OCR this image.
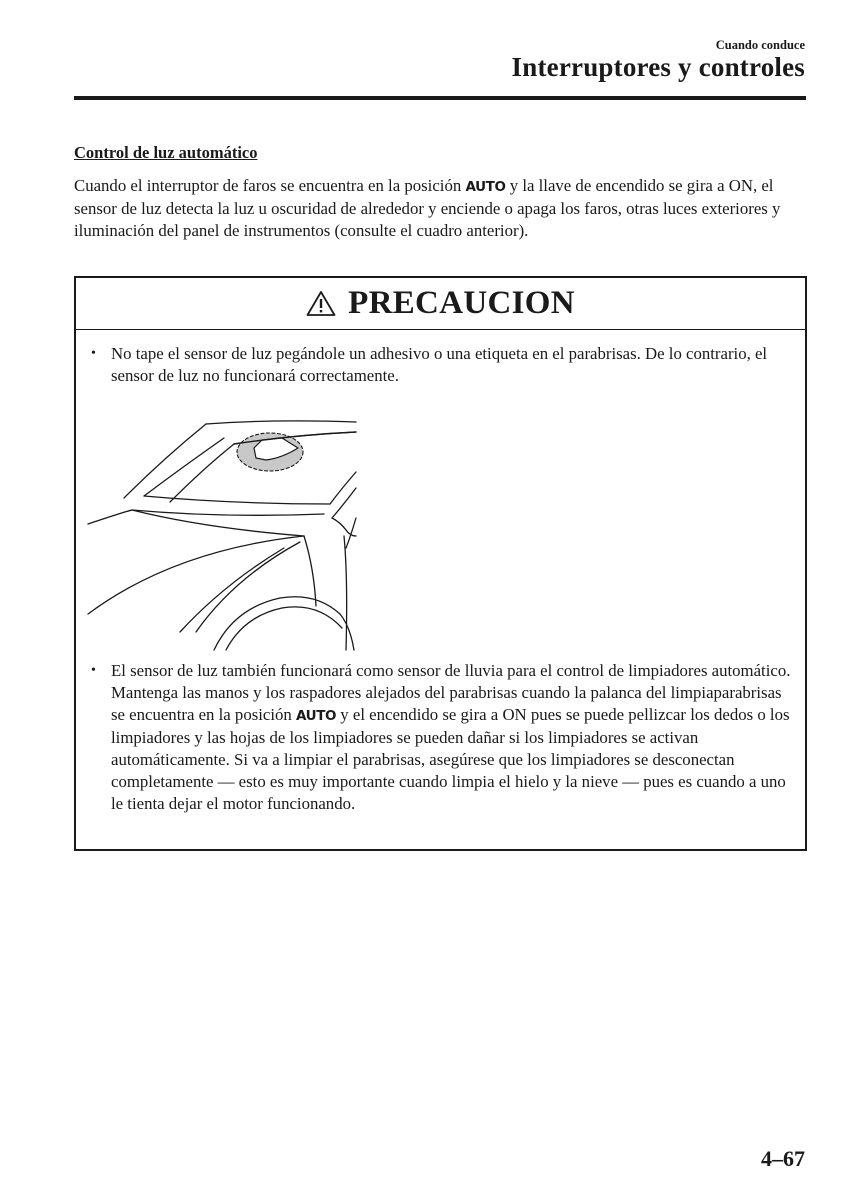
Cuando conduce
Interruptores y controles
Control de luz automático

Cuando el interruptor de faros se encuentra en la posición AUTO y la llave de encendido se gira a ON, el sensor de luz detecta la luz u oscuridad de alrededor y enciende o apaga los faros, otras luces exteriores y iluminación del panel de instrumentos (consulte el cuadro anterior).

PRECAUCION
• No tape el sensor de luz pegándole un adhesivo o una etiqueta en el parabrisas. De lo contrario, el sensor de luz no funcionará correctamente.
• El sensor de luz también funcionará como sensor de lluvia para el control de limpiadores automático. Mantenga las manos y los raspadores alejados del parabrisas cuando la palanca del limpiaparabrisas se encuentra en la posición AUTO y el encendido se gira a ON pues se puede pellizcar los dedos o los limpiadores y las hojas de los limpiadores se pueden dañar si los limpiadores se activan automáticamente. Si va a limpiar el parabrisas, asegúrese que los limpiadores se desconectan completamente — esto es muy importante cuando limpia el hielo y la nieve — pues es cuando a uno le tienta dejar el motor funcionando.
4–67
